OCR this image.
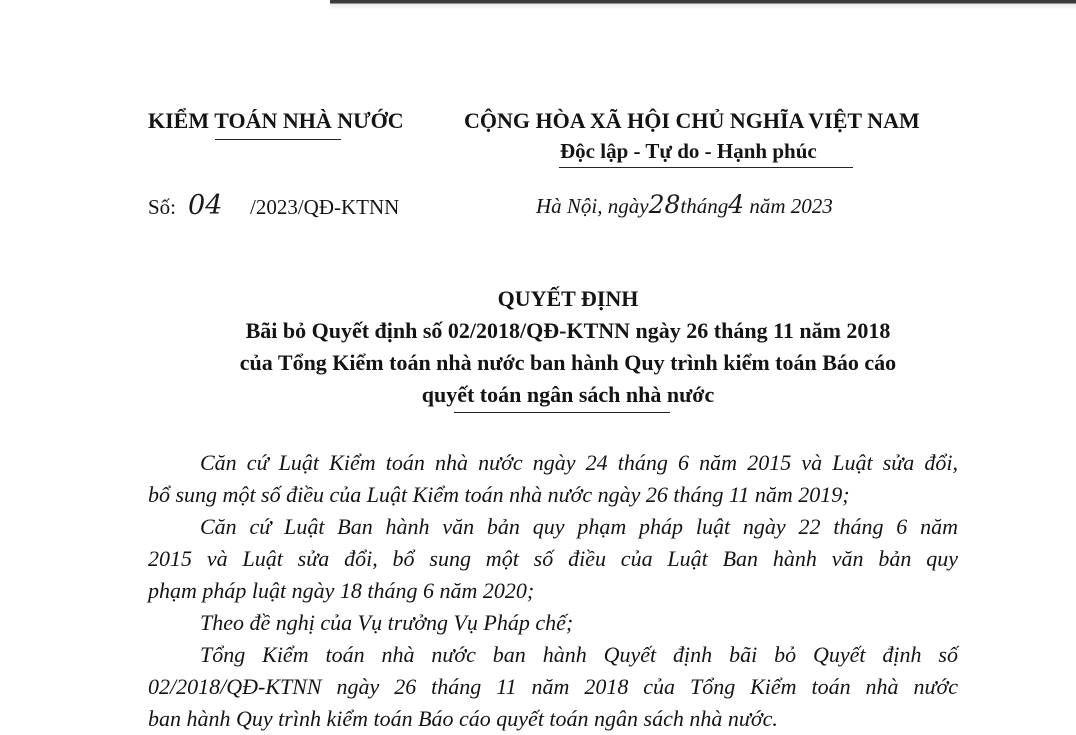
KIỂM TOÁN NHÀ NƯỚC	CỘNG HÒA XÃ HỘI CHỦ NGHĨA VIỆT NAM
Độc lập - Tự do - Hạnh phúc
Số: 04 /2023/QĐ-KTNN	Hà Nội, ngày28tháng4 năm 2023
QUYẾT ĐỊNH
Bãi bỏ Quyết định số 02/2018/QĐ-KTNN ngày 26 tháng 11 năm 2018
của Tổng Kiểm toán nhà nước ban hành Quy trình kiểm toán Báo cáo
quyết toán ngân sách nhà nước

Căn cứ Luật Kiểm toán nhà nước ngày 24 tháng 6 năm 2015 và Luật sửa đổi,

bổ sung một số điều của Luật Kiểm toán nhà nước ngày 26 tháng 11 năm 2019;

Căn cứ Luật Ban hành văn bản quy phạm pháp luật ngày 22 tháng 6 năm

2015 và Luật sửa đổi, bổ sung một số điều của Luật Ban hành văn bản quy
phạm pháp luật ngày 18 tháng 6 năm 2020;

Theo đề nghị của Vụ trưởng Vụ Pháp chế;

Tổng Kiểm toán nhà nước ban hành Quyết định bãi bỏ Quyết định số

02/2018/QĐ-KTNN ngày 26 tháng 11 năm 2018 của Tổng Kiểm toán nhà nước
ban hành Quy trình kiểm toán Báo cáo quyết toán ngân sách nhà nước.
